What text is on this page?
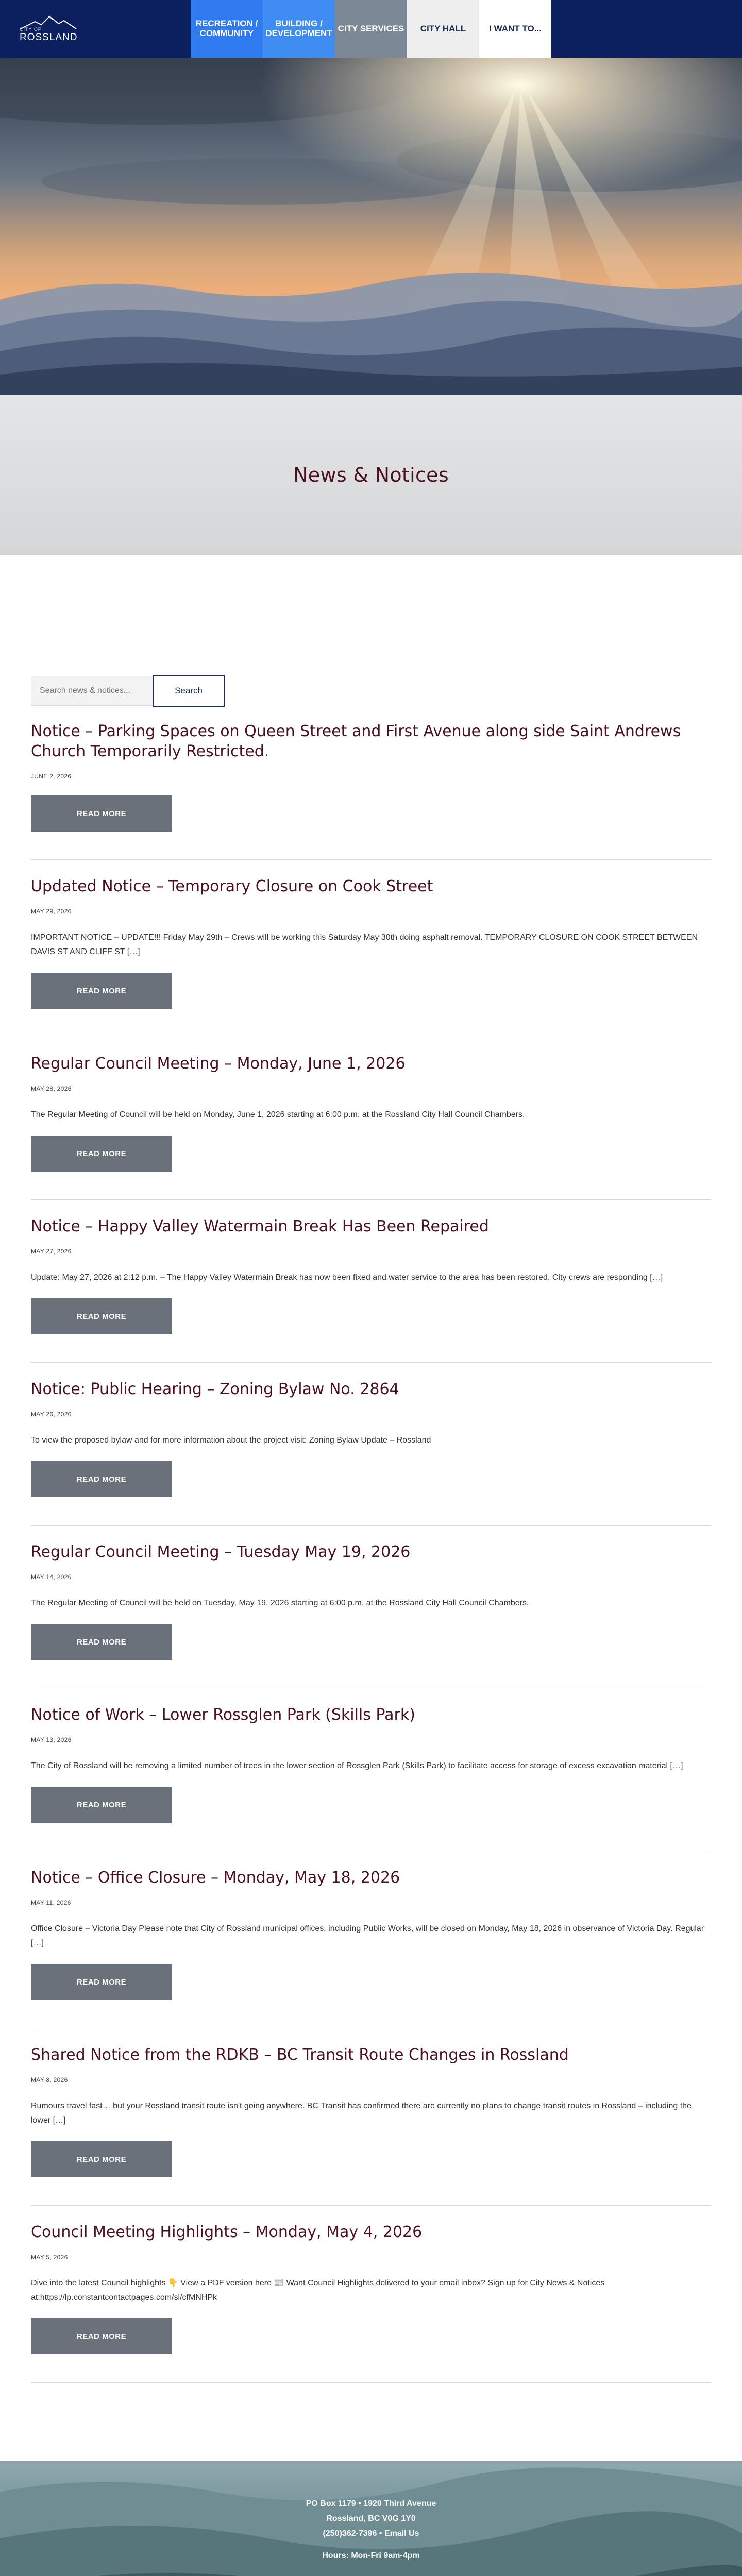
CITY OF
ROSSLAND
RECREATION / COMMUNITY
BUILDING / DEVELOPMENT CITY SERVICES	CITY HALL	I WANT TO...
News & Notices
Search news & notices...
Search
Notice – Parking Spaces on Queen Street and First Avenue along side Saint Andrews Church Temporarily Restricted.
JUNE 2, 2026
READ MORE
Updated Notice – Temporary Closure on Cook Street
MAY 29, 2026

IMPORTANT NOTICE – UPDATE!!! Friday May 29th – Crews will be working this Saturday May 30th doing asphalt removal. TEMPORARY CLOSURE ON COOK STREET BETWEEN DAVIS ST AND CLIFF ST […]

READ MORE
Regular Council Meeting – Monday, June 1, 2026
MAY 28, 2026

The Regular Meeting of Council will be held on Monday, June 1, 2026 starting at 6:00 p.m. at the Rossland City Hall Council Chambers.

READ MORE
Notice – Happy Valley Watermain Break Has Been Repaired
MAY 27, 2026

Update: May 27, 2026 at 2:12 p.m. – The Happy Valley Watermain Break has now been fixed and water service to the area has been restored. City crews are responding […]

READ MORE
Notice: Public Hearing – Zoning Bylaw No. 2864
MAY 26, 2026

To view the proposed bylaw and for more information about the project visit: Zoning Bylaw Update – Rossland

READ MORE
Regular Council Meeting – Tuesday May 19, 2026
MAY 14, 2026

The Regular Meeting of Council will be held on Tuesday, May 19, 2026 starting at 6:00 p.m. at the Rossland City Hall Council Chambers.

READ MORE
Notice of Work – Lower Rossglen Park (Skills Park)
MAY 13, 2026

The City of Rossland will be removing a limited number of trees in the lower section of Rossglen Park (Skills Park) to facilitate access for storage of excess excavation material […]

READ MORE
Notice – Office Closure – Monday, May 18, 2026
MAY 11, 2026

Office Closure – Victoria Day Please note that City of Rossland municipal offices, including Public Works, will be closed on Monday, May 18, 2026 in observance of Victoria Day. Regular […]

READ MORE
Shared Notice from the RDKB – BC Transit Route Changes in Rossland
MAY 8, 2026

Rumours travel fast… but your Rossland transit route isn't going anywhere. BC Transit has confirmed there are currently no plans to change transit routes in Rossland – including the lower […]

READ MORE
Council Meeting Highlights – Monday, May 4, 2026
MAY 5, 2026

Dive into the latest Council highlights 👇 View a PDF version here 📰 Want Council Highlights delivered to your email inbox? Sign up for City News & Notices at:https://lp.constantcontactpages.com/sl/cfMNHPk

READ MORE

PO Box 1179 • 1920 Third Avenue

Rossland, BC V0G 1Y0

(250)362-7396 • Email Us

Hours: Mon-Fri 9am-4pm
